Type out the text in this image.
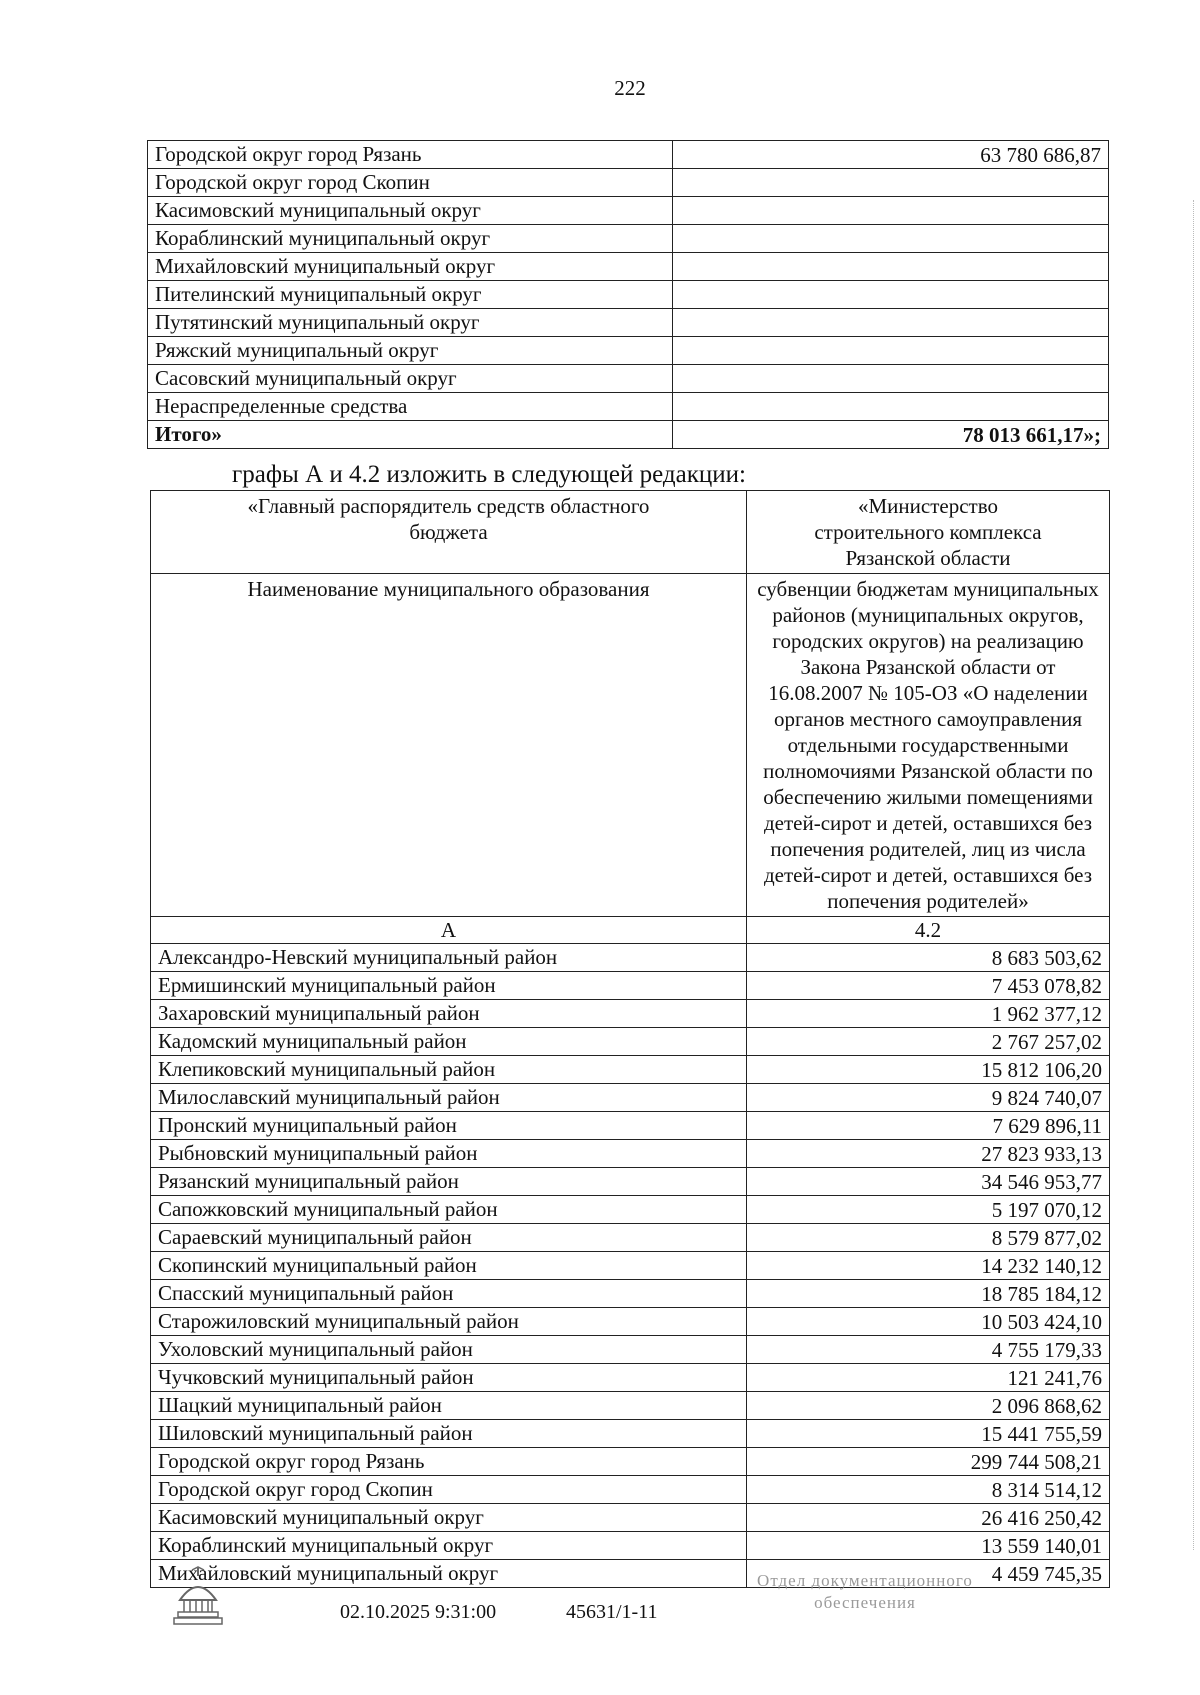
222
Городской округ город Рязань	63 780 686,87
Городской округ город Скопин	
Касимовский муниципальный округ	
Кораблинский муниципальный округ	
Михайловский муниципальный округ	
Пителинский муниципальный округ	
Путятинский муниципальный округ	
Ряжский муниципальный округ	
Сасовский муниципальный округ	
Нераспределенные средства	
Итого»	78 013 661,17»;
графы А и 4.2 изложить в следующей редакции:
«Главный распорядитель средств областного бюджета	«Министерство строительного комплекса Рязанской области
Наименование муниципального образования	субвенции бюджетам муниципальных районов (муниципальных округов, городских округов) на реализацию Закона Рязанской области от 16.08.2007 № 105-ОЗ «О наделении органов местного самоуправления отдельными государственными полномочиями Рязанской области по обеспечению жилыми помещениями детей-сирот и детей, оставшихся без попечения родителей, лиц из числа детей-сирот и детей, оставшихся без попечения родителей»
А	4.2
Александро-Невский муниципальный район	8 683 503,62
Ермишинский муниципальный район	7 453 078,82
Захаровский муниципальный район	1 962 377,12
Кадомский муниципальный район	2 767 257,02
Клепиковский муниципальный район	15 812 106,20
Милославский муниципальный район	9 824 740,07
Пронский муниципальный район	7 629 896,11
Рыбновский муниципальный район	27 823 933,13
Рязанский муниципальный район	34 546 953,77
Сапожковский муниципальный район	5 197 070,12
Сараевский муниципальный район	8 579 877,02
Скопинский муниципальный район	14 232 140,12
Спасский муниципальный район	18 785 184,12
Старожиловский муниципальный район	10 503 424,10
Ухоловский муниципальный район	4 755 179,33
Чучковский муниципальный район	121 241,76
Шацкий муниципальный район	2 096 868,62
Шиловский муниципальный район	15 441 755,59
Городской округ город Рязань	299 744 508,21
Городской округ город Скопин	8 314 514,12
Касимовский муниципальный округ	26 416 250,42
Кораблинский муниципальный округ	13 559 140,01
Михайловский муниципальный округ	4 459 745,35
02.10.2025 9:31:00	45631/1-11
Отдел документационного
обеспечения
